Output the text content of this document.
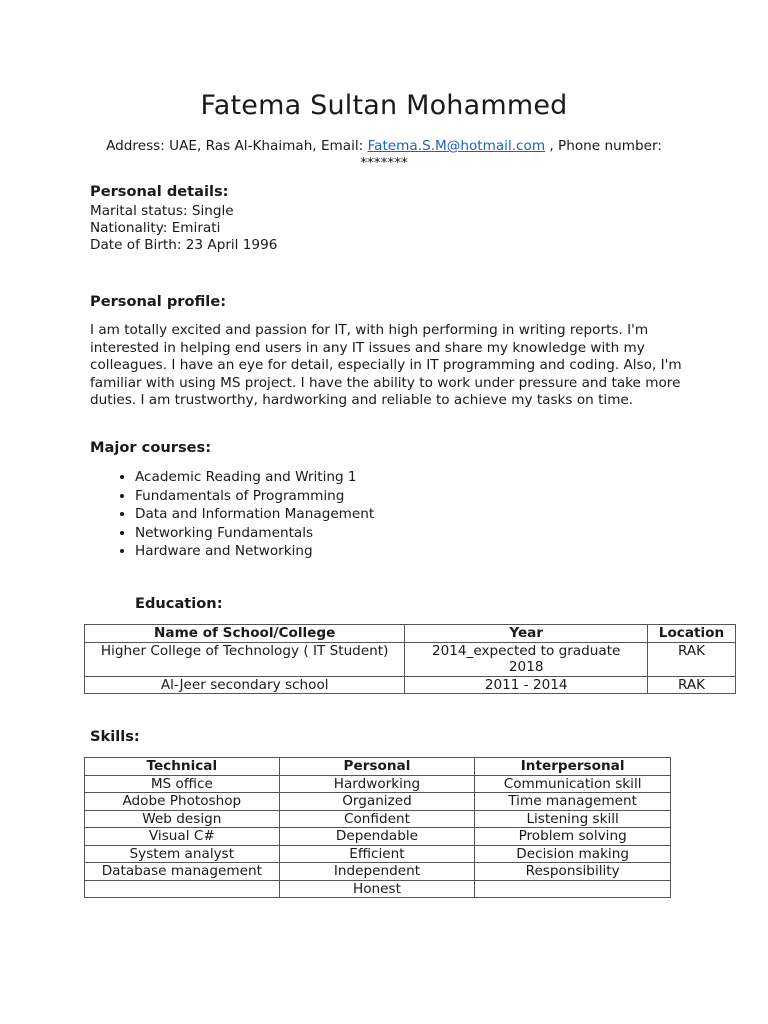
Fatema Sultan Mohammed
Address: UAE, Ras Al-Khaimah, Email: Fatema.S.M@hotmail.com , Phone number: *******
Personal details:
Marital status: Single
Nationality: Emirati
Date of Birth: 23 April 1996
Personal profile:
I am totally excited and passion for IT, with high performing in writing reports. I'm interested in helping end users in any IT issues and share my knowledge with my colleagues. I have an eye for detail, especially in IT programming and coding. Also, I'm familiar with using MS project. I have the ability to work under pressure and take more duties. I am trustworthy, hardworking and reliable to achieve my tasks on time.
Major courses:
• Academic Reading and Writing 1
• Fundamentals of Programming
• Data and Information Management
• Networking Fundamentals
• Hardware and Networking
Education:
Name of School/College	Year	Location
Higher College of Technology ( IT Student)	2014_expected to graduate 2018	RAK
Al-Jeer secondary school	2011 - 2014	RAK
Skills:
Technical	Personal	Interpersonal
MS office	Hardworking	Communication skill
Adobe Photoshop	Organized	Time management
Web design	Confident	Listening skill
Visual C#	Dependable	Problem solving
System analyst	Efficient	Decision making
Database management	Independent	Responsibility
	Honest	
